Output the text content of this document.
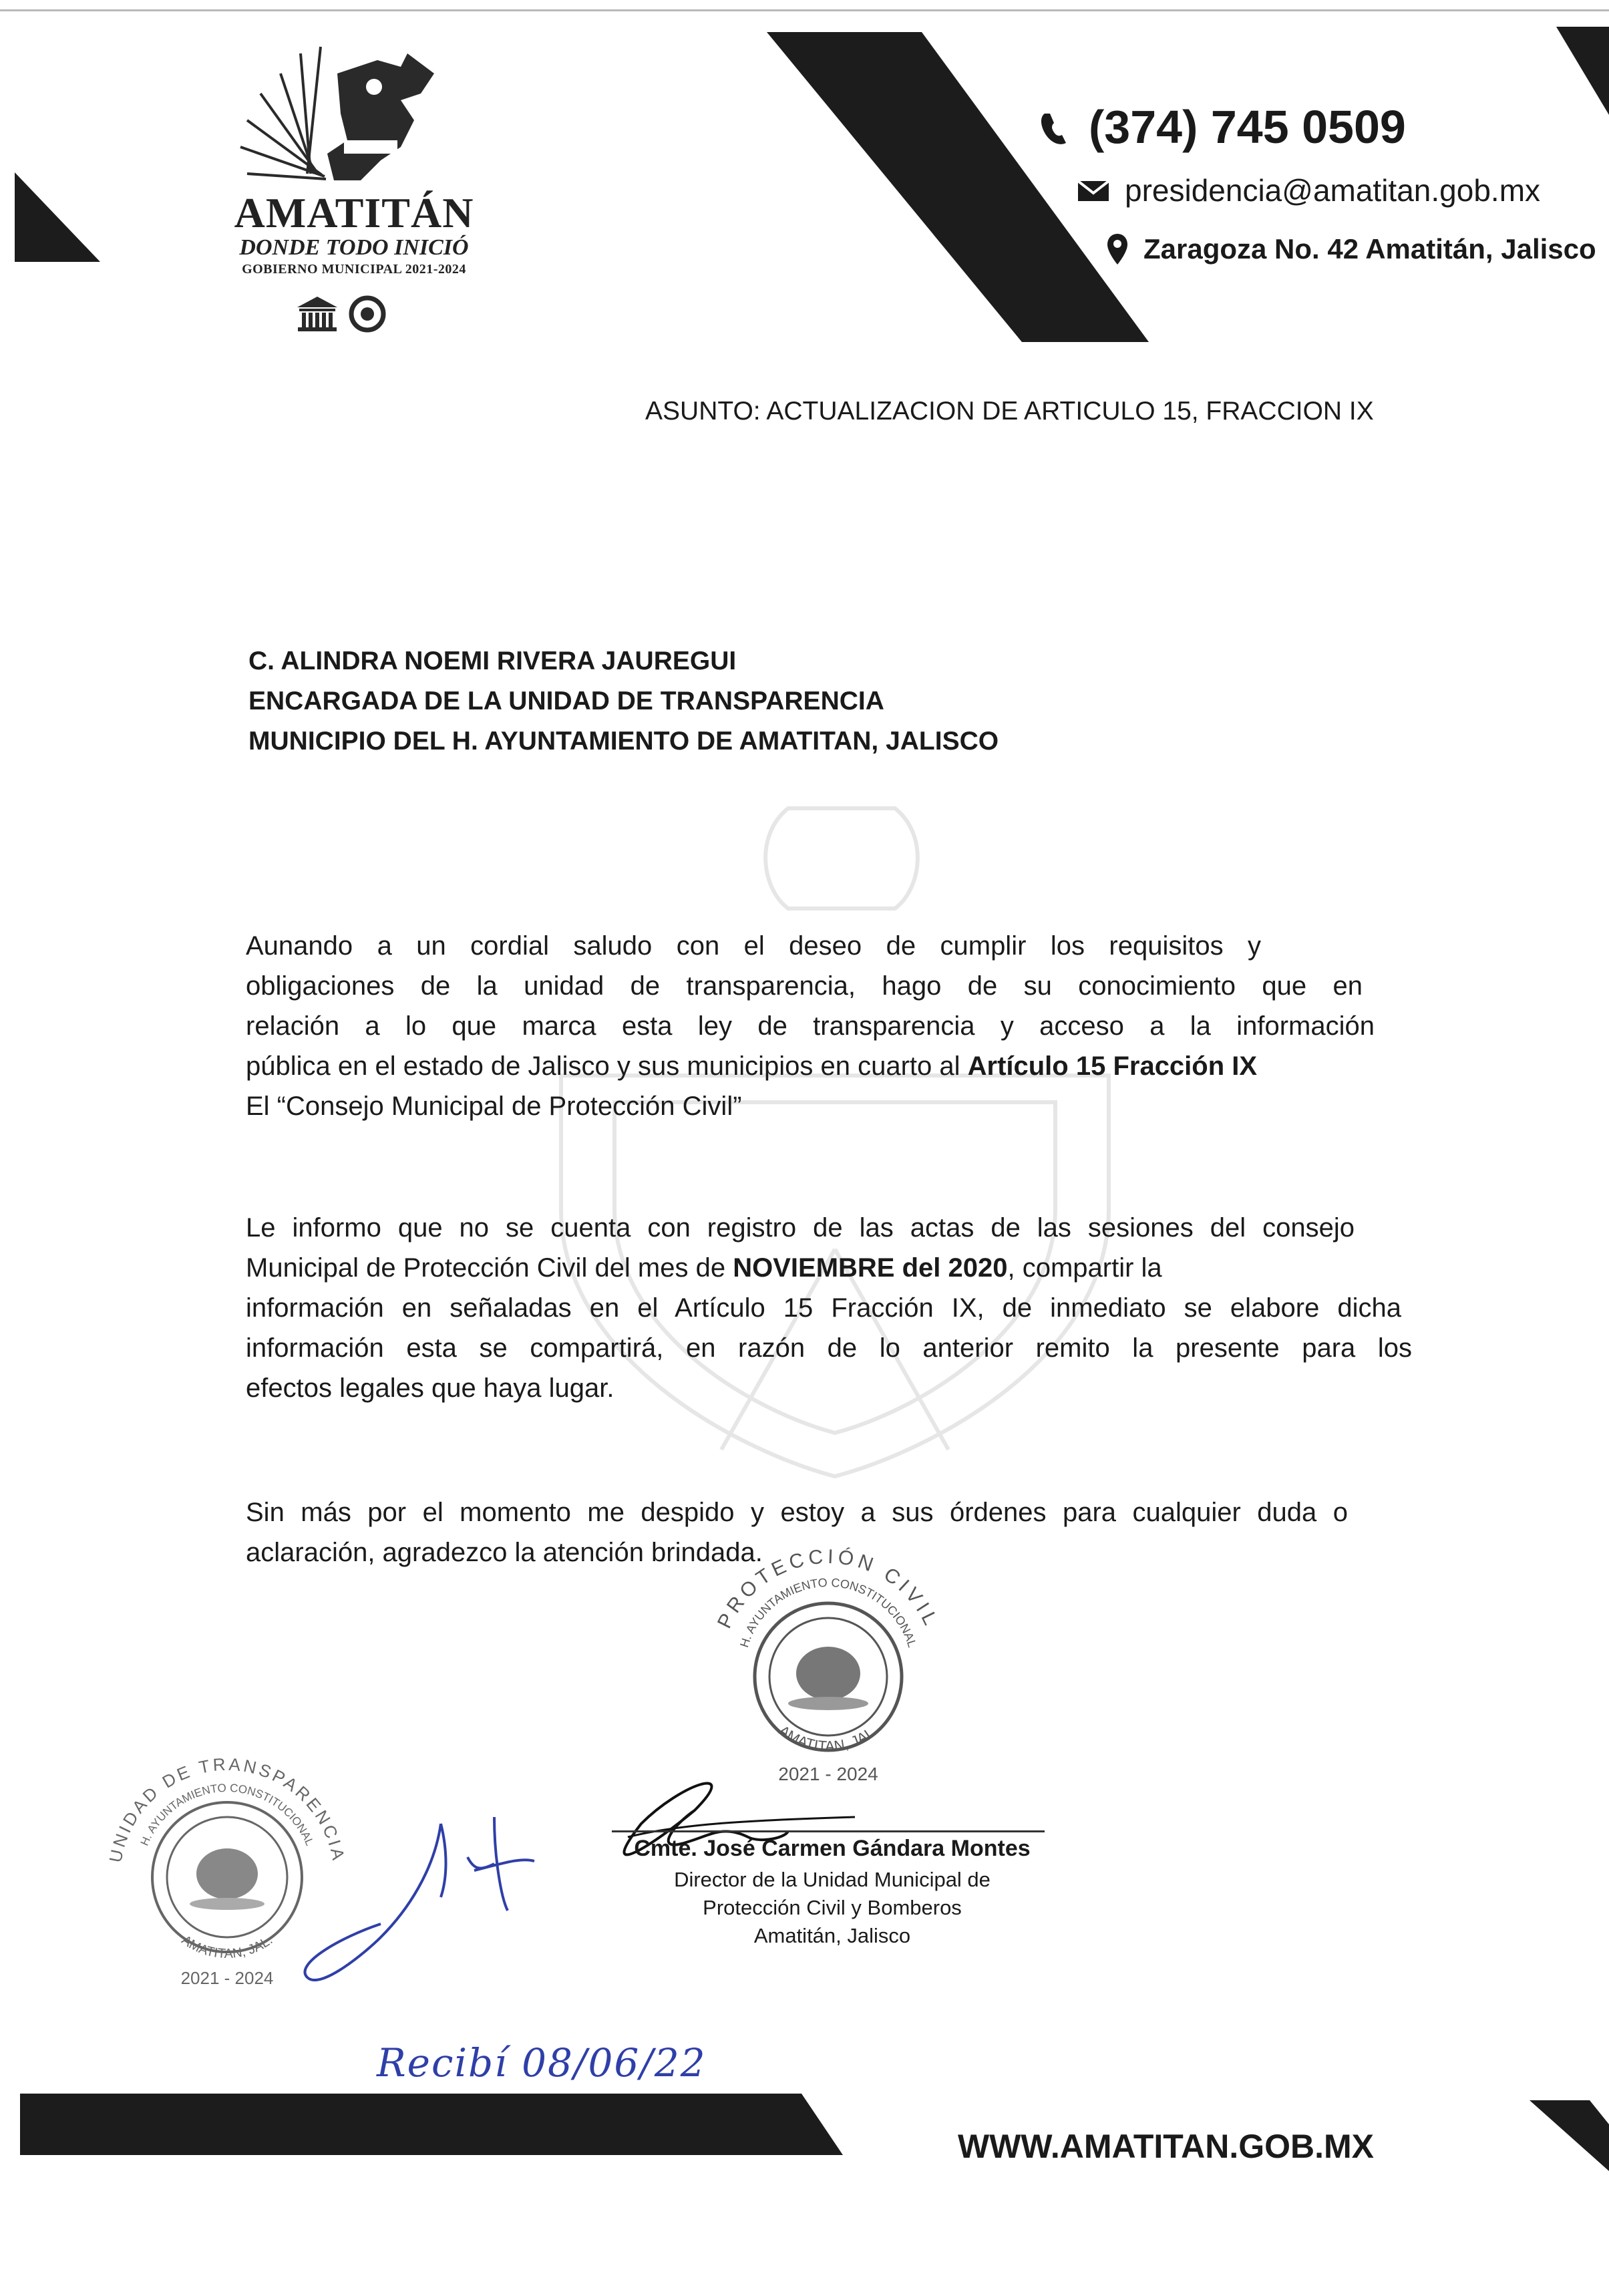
AMATITÁN
DONDE TODO INICIÓ
GOBIERNO MUNICIPAL 2021-2024
(374) 745 0509
presidencia@amatitan.gob.mx
Zaragoza No. 42 Amatitán, Jalisco
ASUNTO: ACTUALIZACION DE ARTICULO 15, FRACCION IX
C. ALINDRA NOEMI RIVERA JAUREGUI
ENCARGADA DE LA UNIDAD DE TRANSPARENCIA
MUNICIPIO DEL H. AYUNTAMIENTO DE AMATITAN, JALISCO
Aunando a un cordial saludo con el deseo de cumplir los requisitos y
obligaciones de la unidad de transparencia, hago de su conocimiento que en
relación a lo que marca esta ley de transparencia y acceso a la información
pública en el estado de Jalisco y sus municipios en cuarto al Artículo 15 Fracción IX
El “Consejo Municipal de Protección Civil”
Le informo que no se cuenta con registro de las actas de las sesiones del consejo
Municipal de Protección Civil del mes de NOVIEMBRE del 2020, compartir la
información en señaladas en el Artículo 15 Fracción IX, de inmediato se elabore dicha
información esta se compartirá, en razón de lo anterior remito la presente para los
efectos legales que haya lugar.
Sin más por el momento me despido y estoy a sus órdenes para cualquier duda o
aclaración, agradezco la atención brindada.
PROTECCIÓN CIVIL
H. AYUNTAMIENTO CONSTITUCIONAL
AMATITAN, JAL.
2021 - 2024
UNIDAD DE TRANSPARENCIA
H. AYUNTAMIENTO CONSTITUCIONAL
AMATITAN, JAL.
2021 - 2024
Cmte. José Carmen Gándara Montes
Director de la Unidad Municipal de
Protección Civil y Bomberos
Amatitán, Jalisco
Recibí 08/06/22
WWW.AMATITAN.GOB.MX
